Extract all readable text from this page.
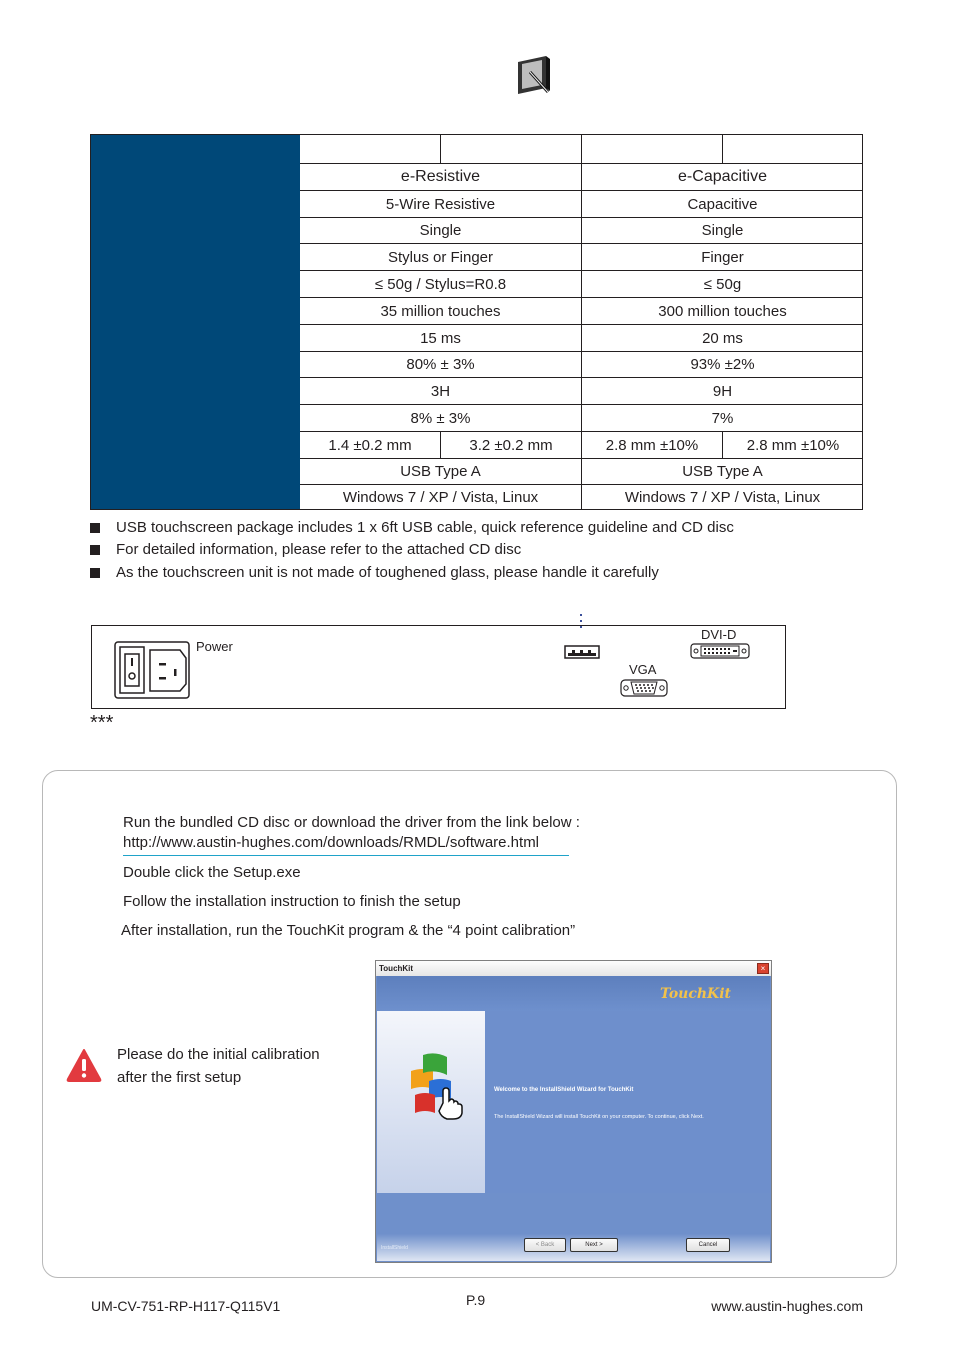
e-Resistive	e-Capacitive
5-Wire Resistive	Capacitive
Single	Single
Stylus or Finger	Finger
≤ 50g / Stylus=R0.8	≤ 50g
35 million touches	300 million touches
15 ms	20 ms
80% ± 3%	93% ±2%
3H	9H
8% ± 3%	7%
1.4 ±0.2 mm	3.2 ±0.2 mm	2.8 mm ±10%	2.8 mm ±10%
USB Type A	USB Type A
Windows 7 / XP / Vista, Linux	Windows 7 / XP / Vista, Linux
USB touchscreen package includes 1 x 6ft USB cable, quick reference guideline and CD disc
For detailed information, please refer to the attached CD disc
As the touchscreen unit is not made of toughened glass, please handle it carefully
Power
DVI-D
VGA
***
Run the bundled CD disc or download the driver from the link below :
http://www.austin-hughes.com/downloads/RMDL/software.html
Double click the Setup.exe
Follow the installation instruction to finish the setup
After installation, run the TouchKit program & the “4 point calibration”
Please do the initial calibration
after the first setup
TouchKit	×
TouchKit
Welcome to the InstallShield Wizard for TouchKit
The InstallShield Wizard will install TouchKit on your computer. To continue, click Next.
InstallShield	< Back	Next >	Cancel
UM-CV-751-RP-H117-Q115V1	P.9	www.austin-hughes.com
